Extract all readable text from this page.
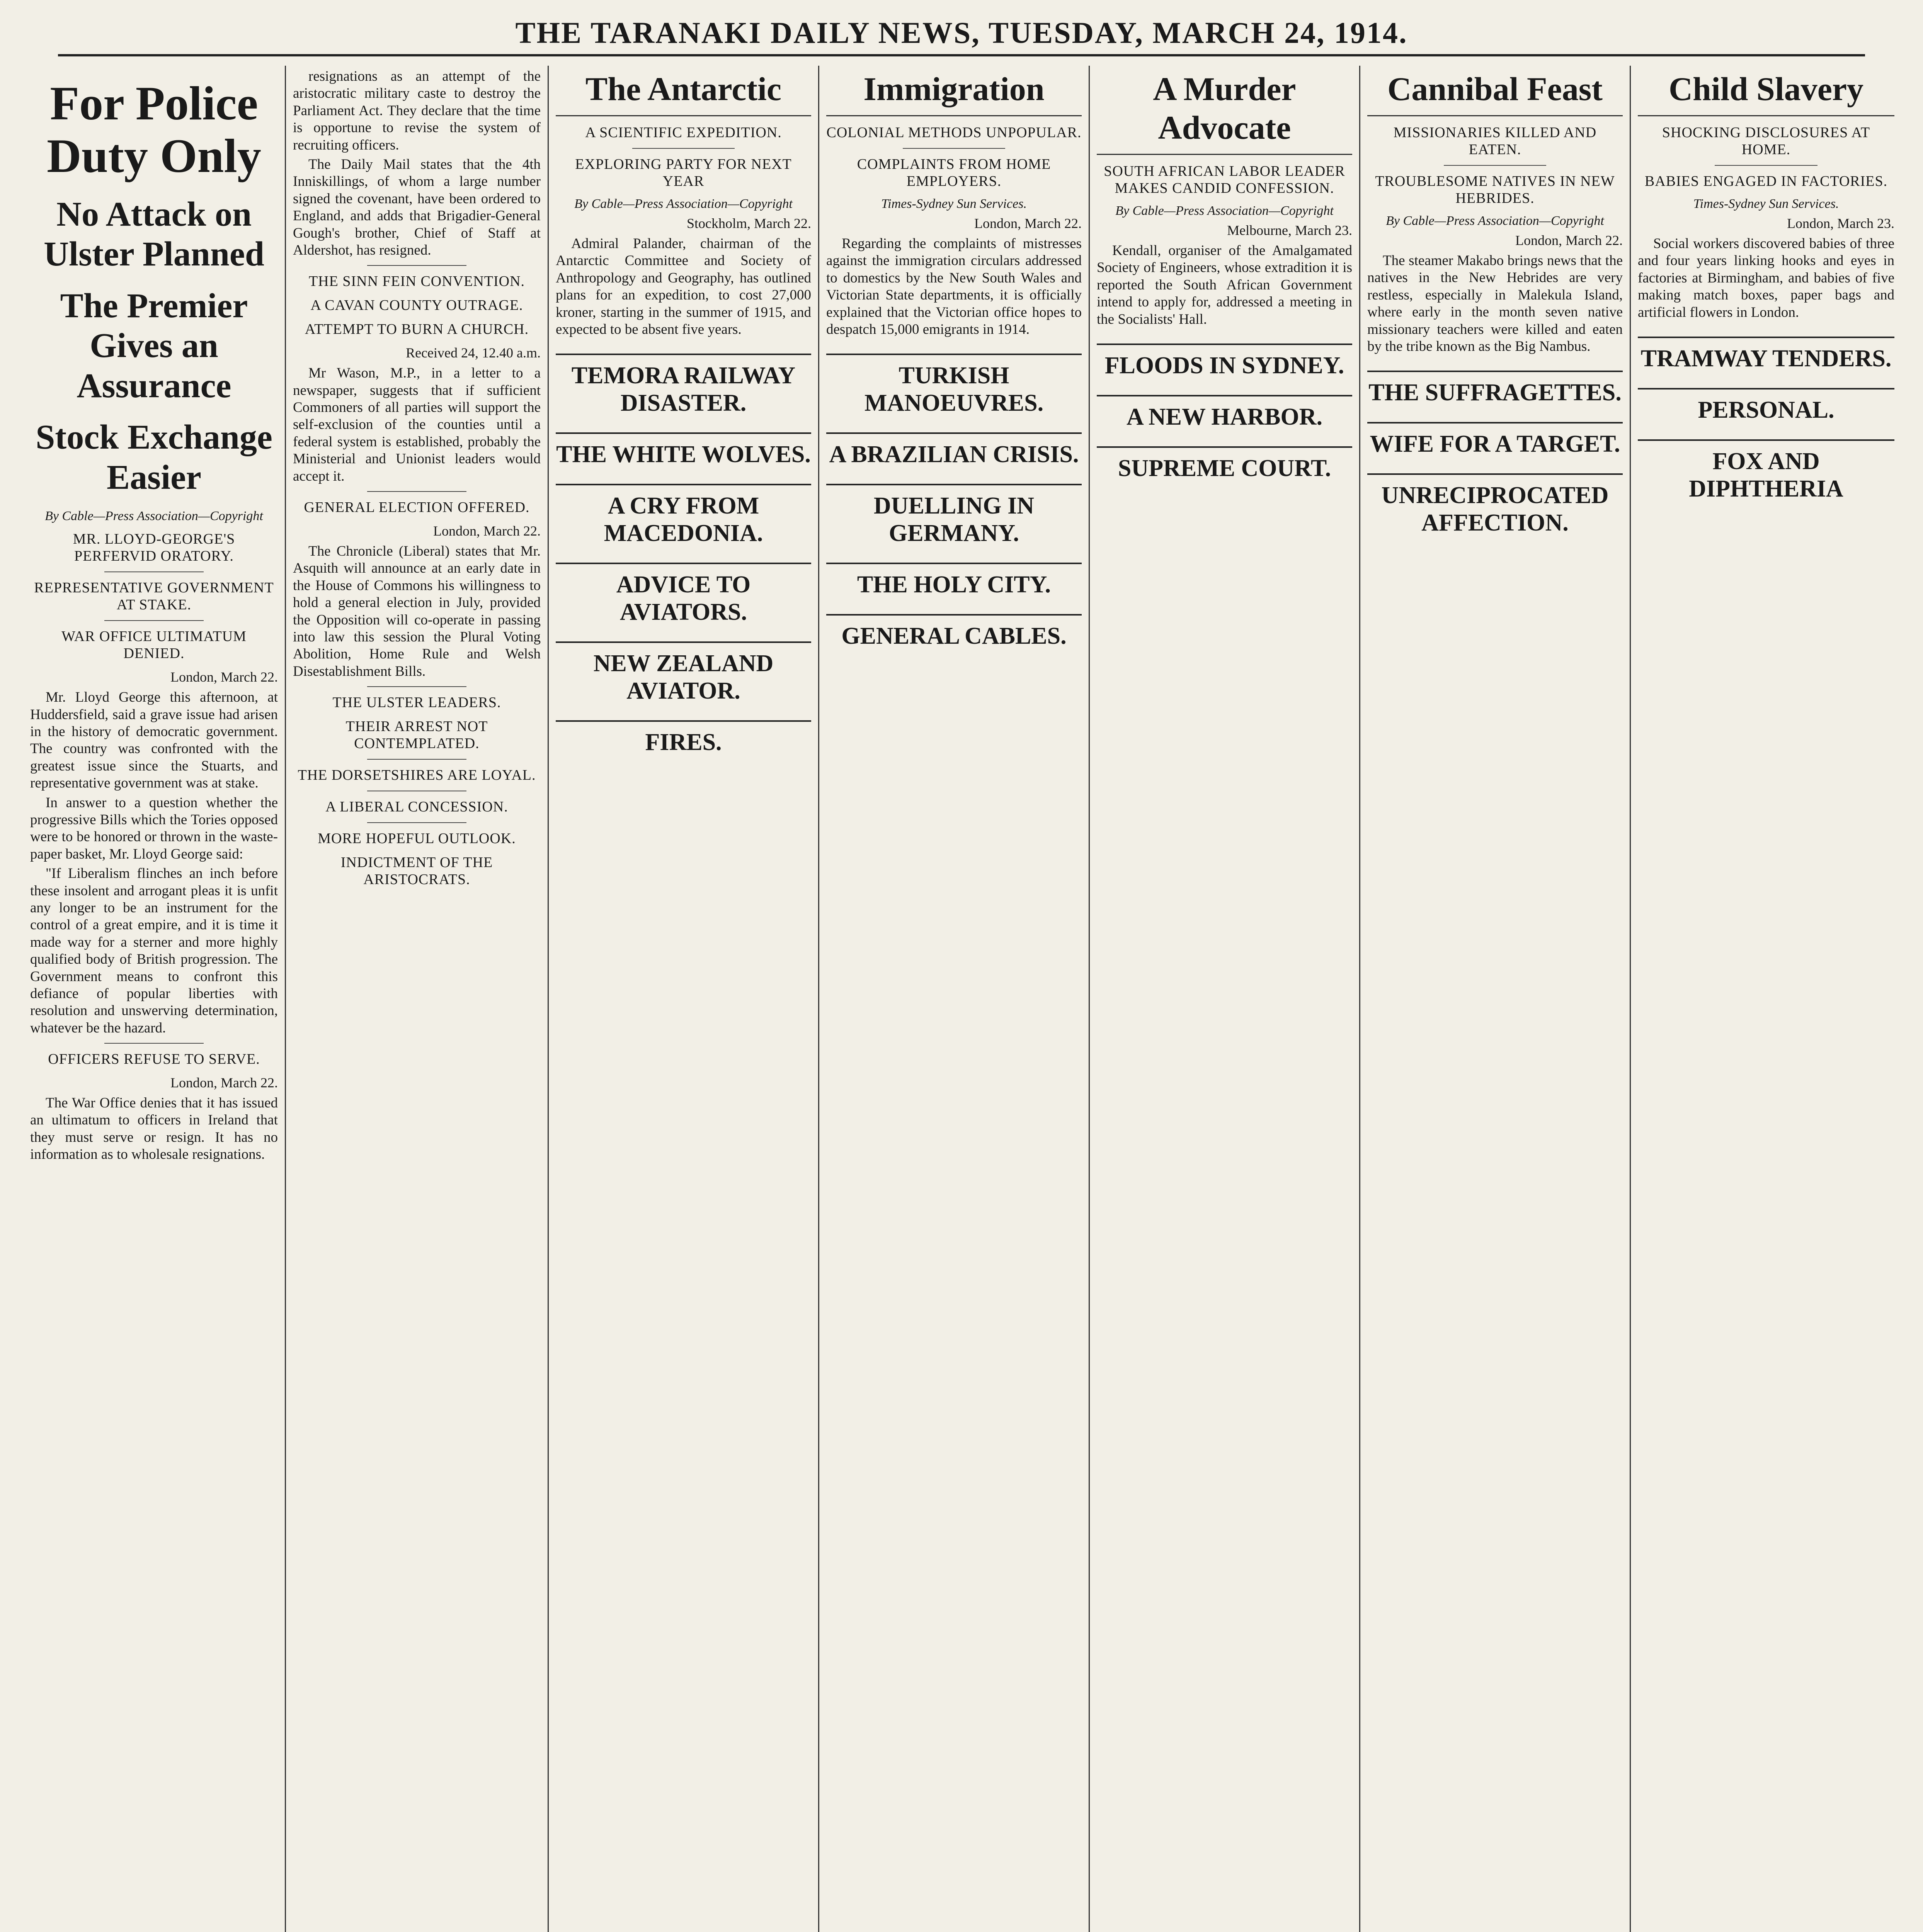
THE TARANAKI DAILY NEWS, TUESDAY, MARCH 24, 1914.
For Police Duty Only
No Attack on Ulster Planned
The Premier Gives an Assurance
Stock Exchange Easier
By Cable—Press Association—Copyright
MR. LLOYD-GEORGE'S PERFERVID ORATORY.
REPRESENTATIVE GOVERNMENT AT STAKE.
WAR OFFICE ULTIMATUM DENIED.
London, March 22.

Mr. Lloyd George this afternoon, at Huddersfield, said a grave issue had arisen in the history of democratic government. The country was confronted with the greatest issue since the Stuarts, and representative government was at stake.

In answer to a question whether the progressive Bills which the Tories opposed were to be honored or thrown in the waste-paper basket, Mr. Lloyd George said:

"If Liberalism flinches an inch before these insolent and arrogant pleas it is unfit any longer to be an instrument for the control of a great empire, and it is time it made way for a sterner and more highly qualified body of British progression. The Government means to confront this defiance of popular liberties with resolution and unswerving determination, whatever be the hazard.

OFFICERS REFUSE TO SERVE.
London, March 22.

The War Office denies that it has issued an ultimatum to officers in Ireland that they must serve or resign. It has no information as to wholesale resignations.

resignations as an attempt of the aristocratic military caste to destroy the Parliament Act. They declare that the time is opportune to revise the system of recruiting officers.

The Daily Mail states that the 4th Inniskillings, of whom a large number signed the covenant, have been ordered to England, and adds that Brigadier-General Gough's brother, Chief of Staff at Aldershot, has resigned.

THE SINN FEIN CONVENTION.
A CAVAN COUNTY OUTRAGE.
ATTEMPT TO BURN A CHURCH.
Received 24, 12.40 a.m.

Mr Wason, M.P., in a letter to a newspaper, suggests that if sufficient Commoners of all parties will support the self-exclusion of the counties until a federal system is established, probably the Ministerial and Unionist leaders would accept it.

GENERAL ELECTION OFFERED.
London, March 22.

The Chronicle (Liberal) states that Mr. Asquith will announce at an early date in the House of Commons his willingness to hold a general election in July, provided the Opposition will co-operate in passing into law this session the Plural Voting Abolition, Home Rule and Welsh Disestablishment Bills.

THE ULSTER LEADERS.
THEIR ARREST NOT CONTEMPLATED.
THE DORSETSHIRES ARE LOYAL.
A LIBERAL CONCESSION.
MORE HOPEFUL OUTLOOK.
INDICTMENT OF THE ARISTOCRATS.
The Antarctic
A SCIENTIFIC EXPEDITION.
EXPLORING PARTY FOR NEXT YEAR
By Cable—Press Association—Copyright
Stockholm, March 22.

Admiral Palander, chairman of the Antarctic Committee and Society of Anthropology and Geography, has outlined plans for an expedition, to cost 27,000 kroner, starting in the summer of 1915, and expected to be absent five years.

TEMORA RAILWAY DISASTER.
THE WHITE WOLVES.
A CRY FROM MACEDONIA.
ADVICE TO AVIATORS.
NEW ZEALAND AVIATOR.
FIRES.
Immigration
COLONIAL METHODS UNPOPULAR.
COMPLAINTS FROM HOME EMPLOYERS.
Times-Sydney Sun Services.
London, March 22.

Regarding the complaints of mistresses against the immigration circulars addressed to domestics by the New South Wales and Victorian State departments, it is officially explained that the Victorian office hopes to despatch 15,000 emigrants in 1914.

TURKISH MANOEUVRES.
A BRAZILIAN CRISIS.
DUELLING IN GERMANY.
THE HOLY CITY.
GENERAL CABLES.
A Murder Advocate
SOUTH AFRICAN LABOR LEADER MAKES CANDID CONFESSION.
By Cable—Press Association—Copyright
Melbourne, March 23.

Kendall, organiser of the Amalgamated Society of Engineers, whose extradition it is reported the South African Government intend to apply for, addressed a meeting in the Socialists' Hall.

FLOODS IN SYDNEY.
A NEW HARBOR.
SUPREME COURT.
Cannibal Feast
MISSIONARIES KILLED AND EATEN.
TROUBLESOME NATIVES IN NEW HEBRIDES.
By Cable—Press Association—Copyright
London, March 22.

The steamer Makabo brings news that the natives in the New Hebrides are very restless, especially in Malekula Island, where early in the month seven native missionary teachers were killed and eaten by the tribe known as the Big Nambus.

THE SUFFRAGETTES.
WIFE FOR A TARGET.
UNRECIPROCATED AFFECTION.
Child Slavery
SHOCKING DISCLOSURES AT HOME.
BABIES ENGAGED IN FACTORIES.
Times-Sydney Sun Services.
London, March 23.

Social workers discovered babies of three and four years linking hooks and eyes in factories at Birmingham, and babies of five making match boxes, paper bags and artificial flowers in London.

TRAMWAY TENDERS.
PERSONAL.
FOX AND DIPHTHERIA
